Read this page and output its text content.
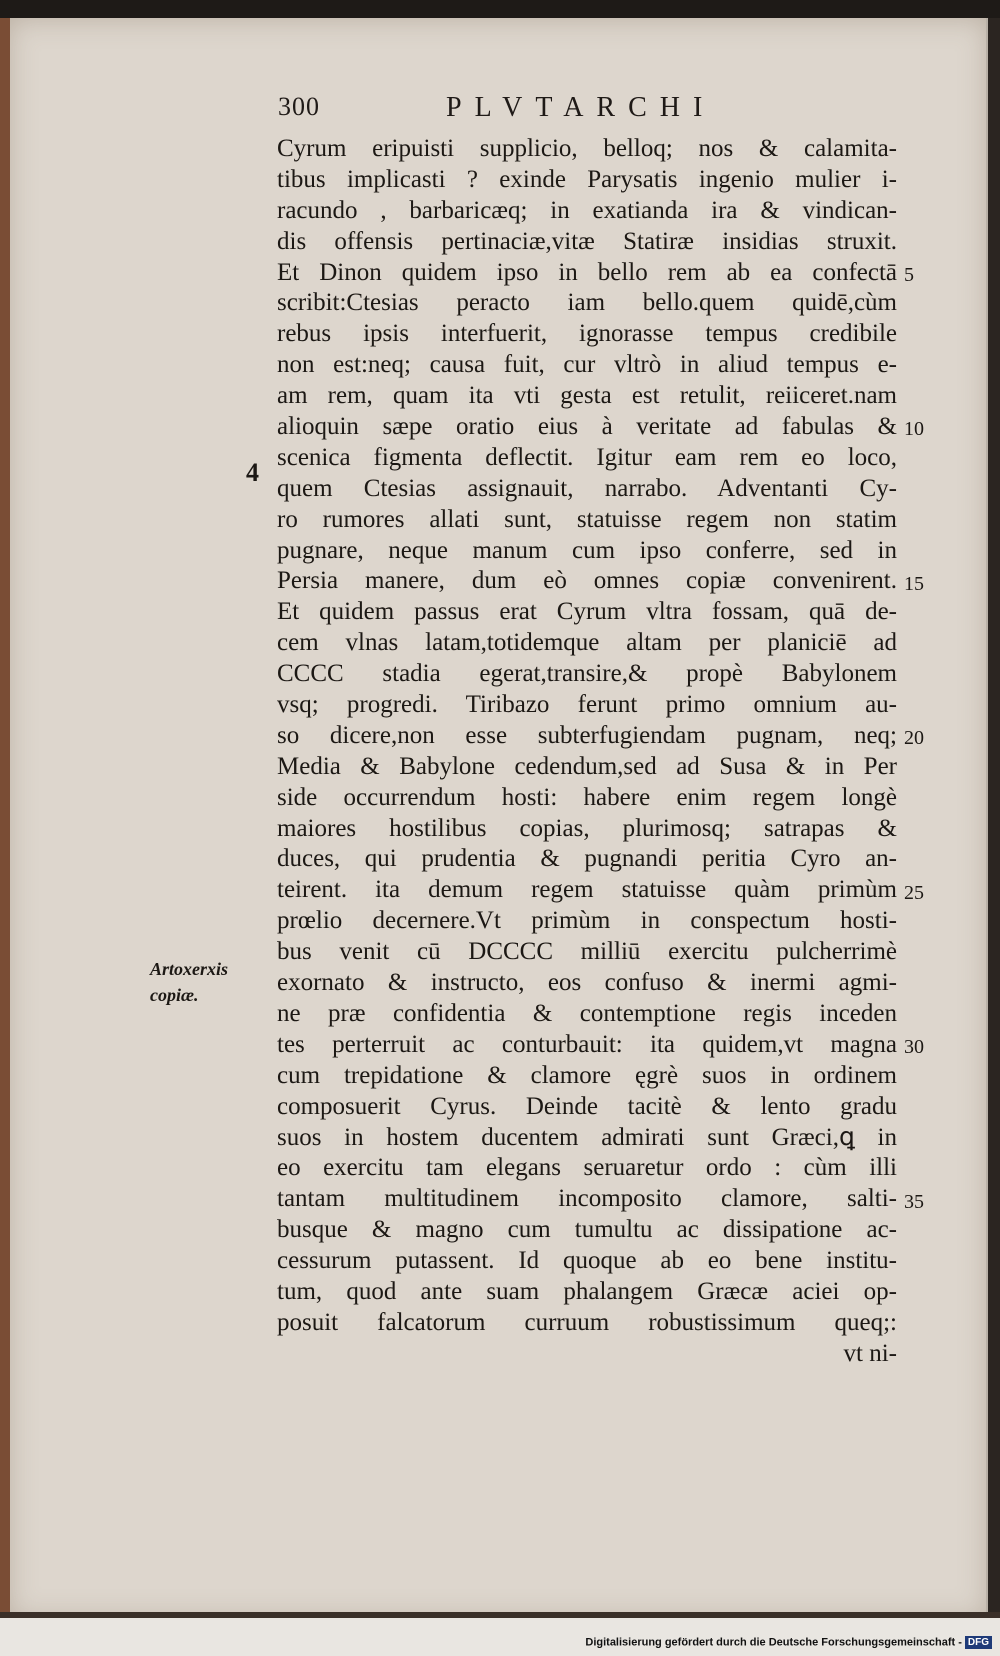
300	PLVTARCHI
Cyrum eripuisti supplicio, belloq; nos & calamita-
tibus implicasti ? exinde Parysatis ingenio mulier i-
racundo , barbaricæq; in exatianda ira & vindican-
dis offensis pertinaciæ,vitæ Statiræ insidias struxit.
Et Dinon quidem ipso in bello rem ab ea confectā
scribit:Ctesias peracto iam bello.quem quidē,cùm
rebus ipsis interfuerit, ignorasse tempus credibile
non est:neq; causa fuit, cur vltrò in aliud tempus e-
am rem, quam ita vti gesta est retulit, reiiceret.nam
alioquin sæpe oratio eius à veritate ad fabulas &
scenica figmenta deflectit. Igitur eam rem eo loco,
quem Ctesias assignauit, narrabo. Adventanti Cy-
ro rumores allati sunt, statuisse regem non statim
pugnare, neque manum cum ipso conferre, sed in
Persia manere, dum eò omnes copiæ convenirent.
Et quidem passus erat Cyrum vltra fossam, quā de-
cem vlnas latam,totidemque altam per planiciē ad
CCCC stadia egerat,transire,& propè Babylonem
vsq; progredi. Tiribazo ferunt primo omnium au-
so dicere,non esse subterfugiendam pugnam, neq;
Media & Babylone cedendum,sed ad Susa & in Per
side occurrendum hosti: habere enim regem longè
maiores hostilibus copias, plurimosq; satrapas &
duces, qui prudentia & pugnandi peritia Cyro an-
teirent. ita demum regem statuisse quàm primùm
prœlio decernere.Vt primùm in conspectum hosti-
bus venit cū DCCCC milliū exercitu pulcherrimè
exornato & instructo, eos confuso & inermi agmi-
ne præ confidentia & contemptione regis inceden
tes perterruit ac conturbauit: ita quidem,vt magna
cum trepidatione & clamore ęgrè suos in ordinem
composuerit Cyrus. Deinde tacitè & lento gradu
suos in hostem ducentem admirati sunt Græci,ꝗ in
eo exercitu tam elegans seruaretur ordo : cùm illi
tantam multitudinem incomposito clamore, salti-
busque & magno cum tumultu ac dissipatione ac-
cessurum putassent. Id quoque ab eo bene institu-
tum, quod ante suam phalangem Græcæ aciei op-
posuit falcatorum curruum robustissimum queq;:
vt ni-
5
10
15
20
25
30
35
4
Artoxerxis
copiæ.
Digitalisierung gefördert durch die Deutsche Forschungsgemeinschaft - DFG
